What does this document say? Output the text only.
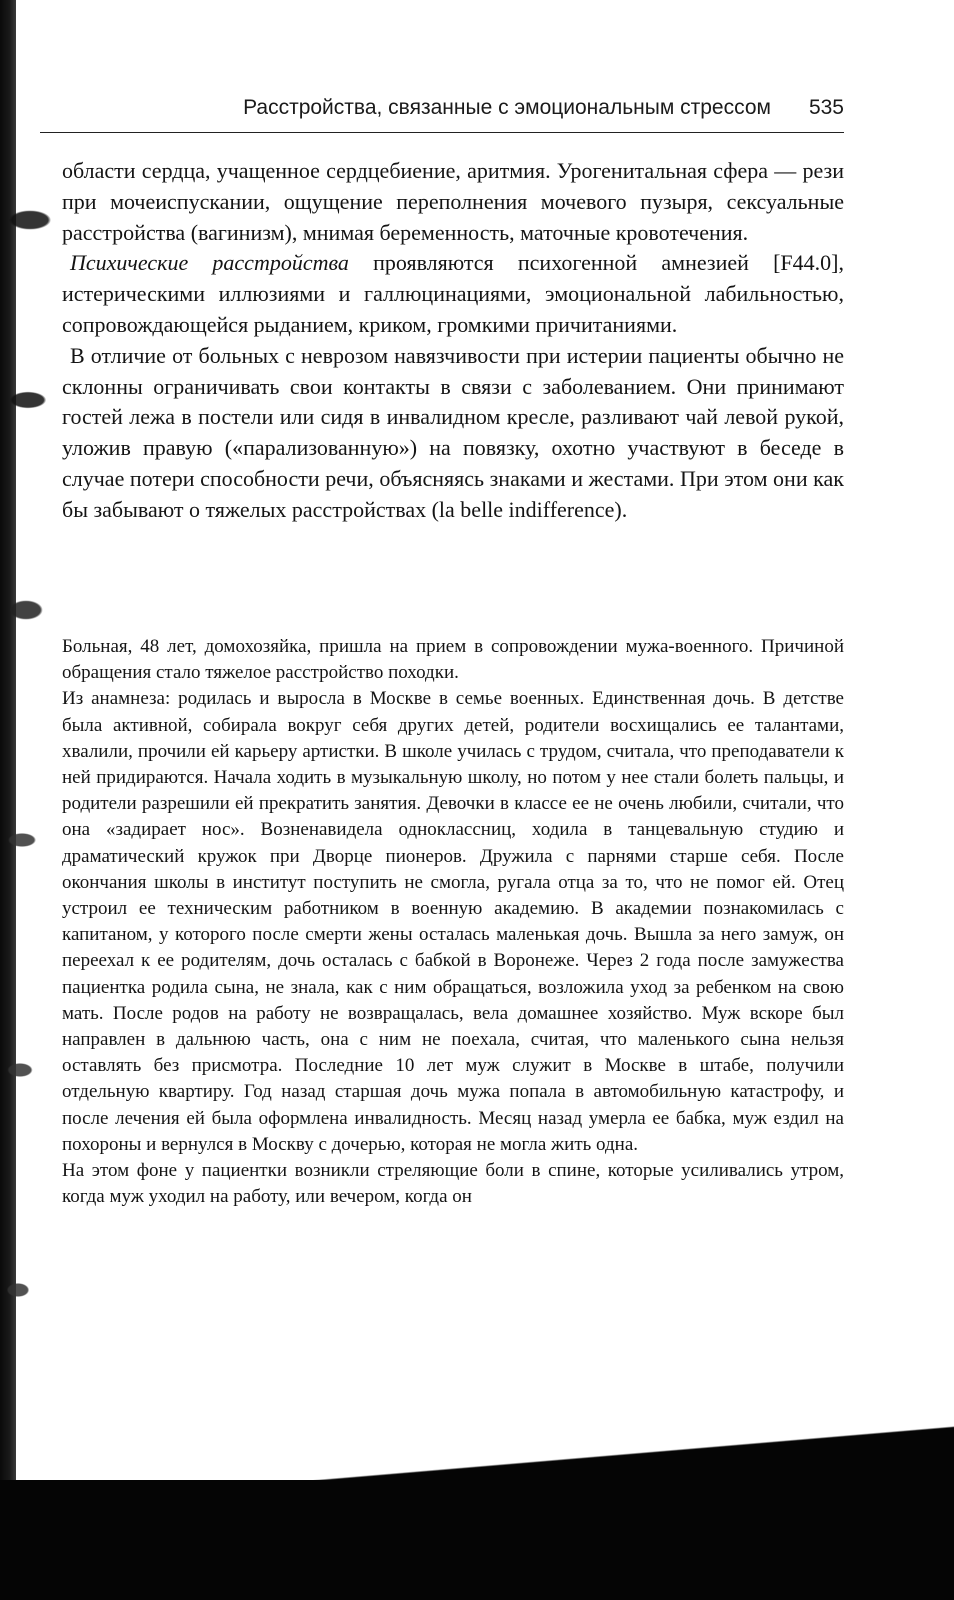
Расстройства, связанные с эмоциональным стрессом 535

области сердца, учащенное сердцебиение, аритмия. Урогенитальная сфера — рези при мочеиспускании, ощущение переполнения мочевого пузыря, сексуальные расстройства (вагинизм), мнимая беременность, маточные кровотечения.

Психические расстройства проявляются психогенной амнезией [F44.0], истерическими иллюзиями и галлюцинациями, эмоциональной лабильностью, сопровождающейся рыданием, криком, громкими причитаниями.

В отличие от больных с неврозом навязчивости при истерии пациенты обычно не склонны ограничивать свои контакты в связи с заболеванием. Они принимают гостей лежа в постели или сидя в инвалидном кресле, разливают чай левой рукой, уложив правую («парализованную») на повязку, охотно участвуют в беседе в случае потери способности речи, объясняясь знаками и жестами. При этом они как бы забывают о тяжелых расстройствах (la belle indifference).

Больная, 48 лет, домохозяйка, пришла на прием в сопровождении мужа-военного. Причиной обращения стало тяжелое расстройство походки.

Из анамнеза: родилась и выросла в Москве в семье военных. Единственная дочь. В детстве была активной, собирала вокруг себя других детей, родители восхищались ее талантами, хвалили, прочили ей карьеру артистки. В школе училась с трудом, считала, что преподаватели к ней придираются. Начала ходить в музыкальную школу, но потом у нее стали болеть пальцы, и родители разрешили ей прекратить занятия. Девочки в классе ее не очень любили, считали, что она «задирает нос». Возненавидела одноклассниц, ходила в танцевальную студию и драматический кружок при Дворце пионеров. Дружила с парнями старше себя. После окончания школы в институт поступить не смогла, ругала отца за то, что не помог ей. Отец устроил ее техническим работником в военную академию. В академии познакомилась с капитаном, у которого после смерти жены осталась маленькая дочь. Вышла за него замуж, он переехал к ее родителям, дочь осталась с бабкой в Воронеже. Через 2 года после замужества пациентка родила сына, не знала, как с ним обращаться, возложила уход за ребенком на свою мать. После родов на работу не возвращалась, вела домашнее хозяйство. Муж вскоре был направлен в дальнюю часть, она с ним не поехала, считая, что маленького сына нельзя оставлять без присмотра. Последние 10 лет муж служит в Москве в штабе, получили отдельную квартиру. Год назад старшая дочь мужа попала в автомобильную катастрофу, и после лечения ей была оформлена инвалидность. Месяц назад умерла ее бабка, муж ездил на похороны и вернулся в Москву с дочерью, которая не могла жить одна.

На этом фоне у пациентки возникли стреляющие боли в спине, которые усиливались утром, когда муж уходил на работу, или вечером, когда он
